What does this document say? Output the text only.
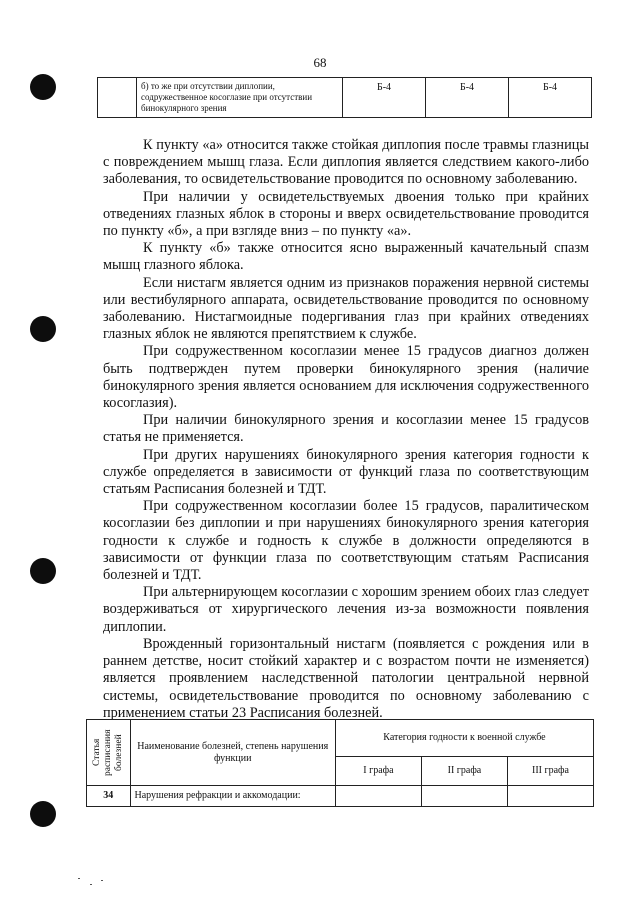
68
	б) то же при отсутствии диплопии, содружественное косоглазие при отсутствии бинокулярного зрения	Б-4	Б-4	Б-4

К пункту «а» относится также стойкая диплопия после травмы глазницы с повреждением мышц глаза. Если диплопия является следствием какого-либо заболевания, то освидетельствование проводится по основному заболеванию.

При наличии у освидетельствуемых двоения только при крайних отведениях глазных яблок в стороны и вверх освидетельствование проводится по пункту «б», а при взгляде вниз – по пункту «а».

К пункту «б» также относится ясно выраженный качательный спазм мышц глазного яблока.

Если нистагм является одним из признаков поражения нервной системы или вестибулярного аппарата, освидетельствование проводится по основному заболеванию. Нистагмоидные подергивания глаз при крайних отведениях глазных яблок не являются препятствием к службе.

При содружественном косоглазии менее 15 градусов диагноз должен быть подтвержден путем проверки бинокулярного зрения (наличие бинокулярного зрения является основанием для исключения содружественного косоглазия).

При наличии бинокулярного зрения и косоглазии менее 15 градусов статья не применяется.

При других нарушениях бинокулярного зрения категория годности к службе определяется в зависимости от функций глаза по соответствующим статьям Расписания болезней и ТДТ.

При содружественном косоглазии более 15 градусов, паралитическом косоглазии без диплопии и при нарушениях бинокулярного зрения категория годности к службе и годность к службе в должности определяются в зависимости от функции глаза по соответствующим статьям Расписания болезней и ТДТ.

При альтернирующем косоглазии с хорошим зрением обоих глаз следует воздерживаться от хирургического лечения из-за возможности появления диплопии.

Врожденный горизонтальный нистагм (появляется с рождения или в раннем детстве, носит стойкий характер и с возрастом почти не изменяется) является проявлением наследственной патологии центральной нервной системы, освидетельствование проводится по основному заболеванию с применением статьи 23 Расписания болезней.

Статья расписания болезней	Наименование болезней, степень нарушения функции	Категория годности к военной службе		
		I графа	II графа	III графа
34	Нарушения рефракции и аккомодации:			
